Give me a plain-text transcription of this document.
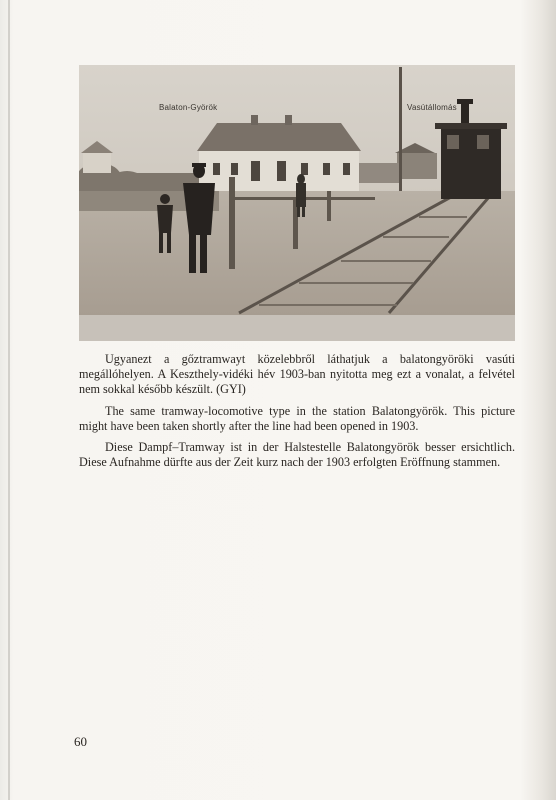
Balaton-Györök	Vasútállomás

Ugyanezt a gőztramwayt közelebbről láthatjuk a balatongyöröki vasúti megállóhelyen. A Keszthely-vidéki hév 1903-ban nyitotta meg ezt a vonalat, a felvétel nem sokkal később készült. (GYI)

The same tramway-locomotive type in the station Balatongyörök. This picture might have been taken shortly after the line had been opened in 1903.

Diese Dampf–Tramway ist in der Halstestelle Balatongyörök besser ersichtlich. Diese Aufnahme dürfte aus der Zeit kurz nach der 1903 erfolgten Eröffnung stammen.

60
